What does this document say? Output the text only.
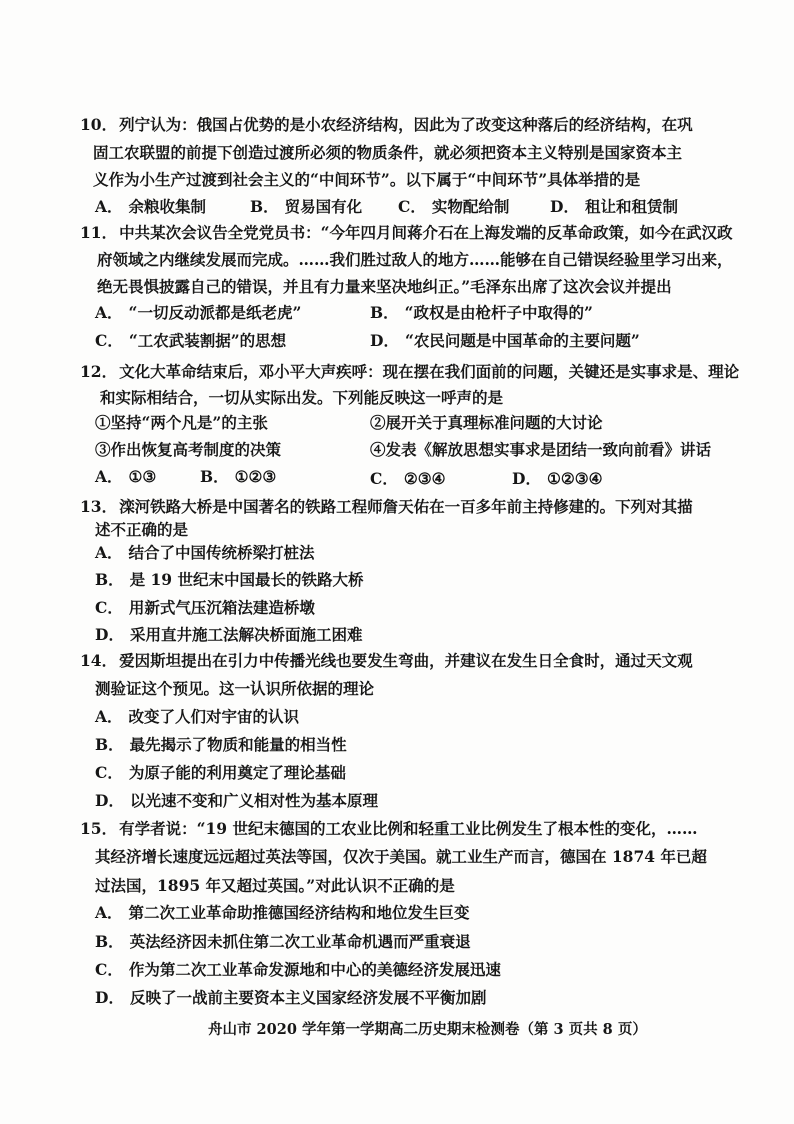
10． 列宁认为：俄国占优势的是小农经济结构，因此为了改变这种落后的经济结构，在巩
固工农联盟的前提下创造过渡所必须的物质条件，就必须把资本主义特别是国家资本主
义作为小生产过渡到社会主义的“中间环节”。以下属于“中间环节”具体举措的是
A． 余粮收集制	B． 贸易国有化 C． 实物配给制	D． 租让和租赁制
11． 中共某次会议告全党党员书：“今年四月间蒋介石在上海发端的反革命政策，如今在武汉政
府领域之内继续发展而完成。……我们胜过敌人的地方……能够在自己错误经验里学习出来，
绝无畏惧披露自己的错误，并且有力量来坚决地纠正。”毛泽东出席了这次会议并提出
A． “一切反动派都是纸老虎”	B． “政权是由枪杆子中取得的”
C． “工农武装割据”的思想	D． “农民问题是中国革命的主要问题”
12． 文化大革命结束后，邓小平大声疾呼：现在摆在我们面前的问题，关键还是实事求是、理论
和实际相结合，一切从实际出发。下列能反映这一呼声的是
①坚持“两个凡是”的主张	②展开关于真理标准问题的大讨论
③作出恢复高考制度的决策	④发表《解放思想实事求是团结一致向前看》讲话
A． ①③	B． ①②③	C． ②③④	D． ①②③④
13． 滦河铁路大桥是中国著名的铁路工程师詹天佑在一百多年前主持修建的。下列对其描
述不正确的是
A． 结合了中国传统桥梁打桩法
B． 是 19 世纪末中国最长的铁路大桥
C． 用新式气压沉箱法建造桥墩
D． 采用直井施工法解决桥面施工困难
14． 爱因斯坦提出在引力中传播光线也要发生弯曲，并建议在发生日全食时，通过天文观
测验证这个预见。这一认识所依据的理论
A． 改变了人们对宇宙的认识
B． 最先揭示了物质和能量的相当性
C． 为原子能的利用奠定了理论基础
D． 以光速不变和广义相对性为基本原理
15． 有学者说：“19 世纪末德国的工农业比例和轻重工业比例发生了根本性的变化，……
其经济增长速度远远超过英法等国，仅次于美国。就工业生产而言，德国在 1874 年已超
过法国，1895 年又超过英国。”对此认识不正确的是
A． 第二次工业革命助推德国经济结构和地位发生巨变
B． 英法经济因未抓住第二次工业革命机遇而严重衰退
C． 作为第二次工业革命发源地和中心的美德经济发展迅速
D． 反映了一战前主要资本主义国家经济发展不平衡加剧
舟山市 2020 学年第一学期高二历史期末检测卷（第 3 页共 8 页）
